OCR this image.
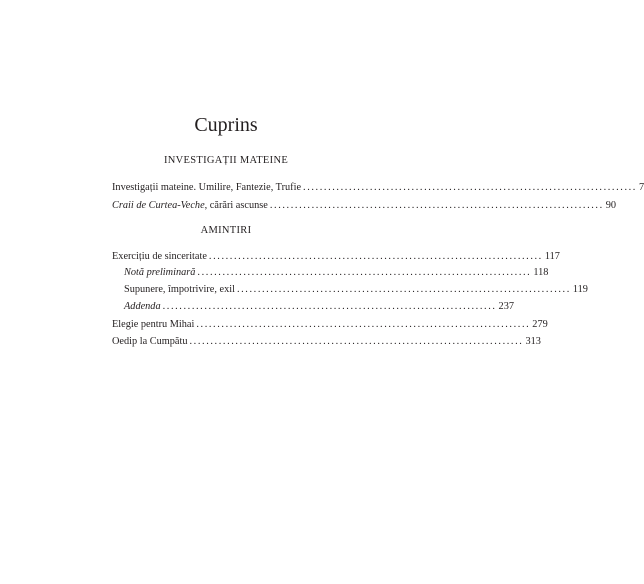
Cuprins
INVESTIGAȚII MATEINE
Investigații mateine. Umilire, Fantezie, Trufie ................................................................................ 7
Craii de Curtea-Veche, cărări ascunse ................................................................................ 90
AMINTIRI
Exercițiu de sinceritate ................................................................................ 117
Notă preliminară ................................................................................ 118
Supunere, împotrivire, exil ................................................................................ 119
Addenda ................................................................................ 237
Elegie pentru Mihai ................................................................................ 279
Oedip la Cumpătu ................................................................................ 313
